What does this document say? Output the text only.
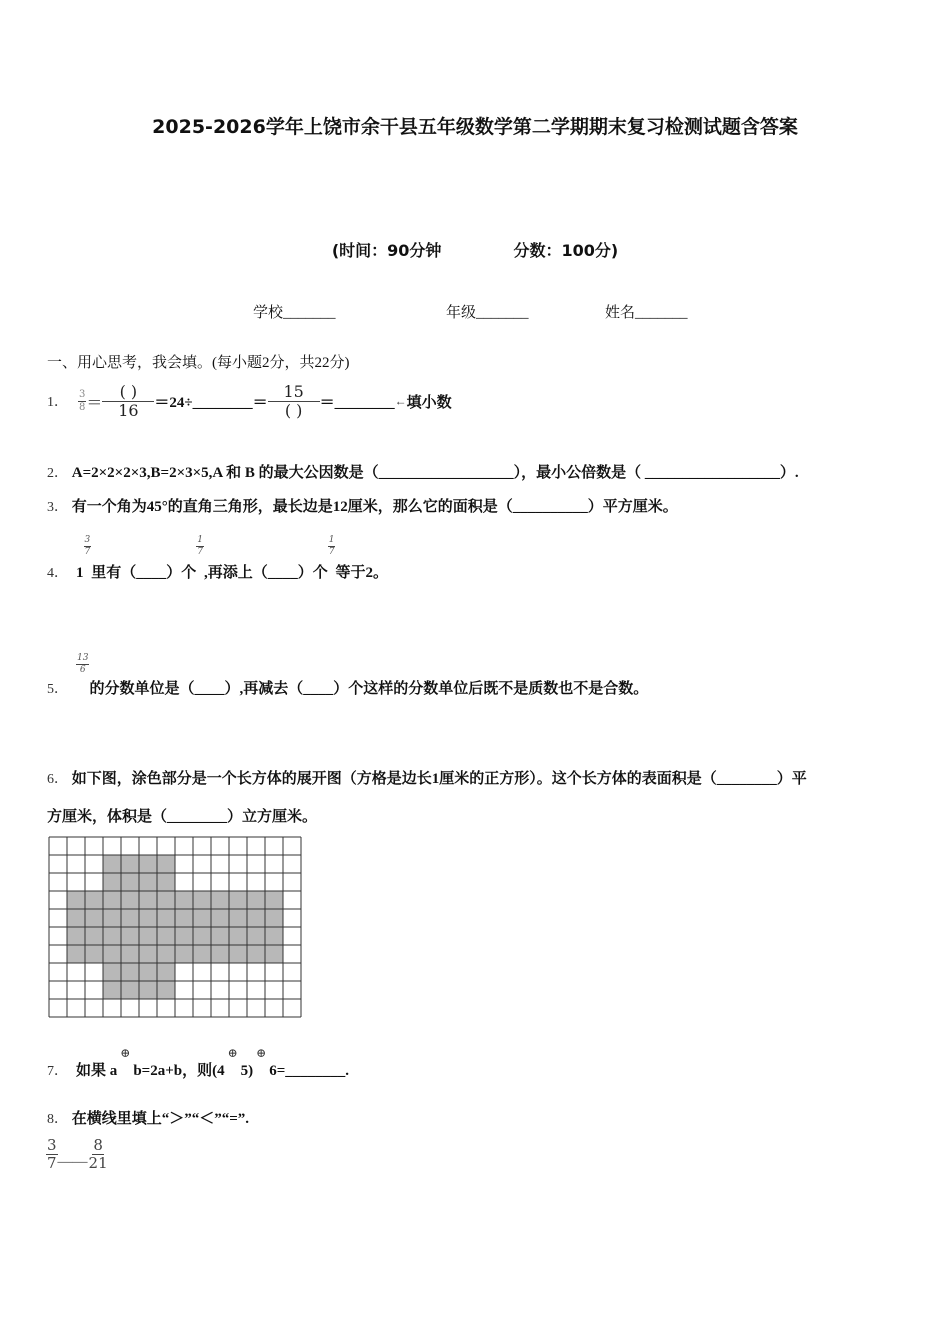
2025-2026学年上饶市余干县五年级数学第二学期期末复习检测试题含答案
(时间：90分钟	分数：100分)
学校_______	年级_______	姓名_______
一、用心思考，我会填。(每小题2分，共22分)
1． $\frac{3}{8} = \frac{( )}{16}$ ＝24÷________＝ $\frac{15}{( )}$ ＝________ ← 填小数
2． A=2×2×2×3,B=2×3×5,A 和 B 的最大公因数是（__________________），最小公倍数是（ __________________）.
3． 有一个角为45°的直角三角形，最长边是12厘米，那么它的面积是（__________）平方厘米。
4． 1
$\frac{3}{7}$
里有（____）个
$\frac{1}{7}$
,再添上（____）个
$\frac{1}{7}$
等于2。
5．
$\frac{13}{6}$
的分数单位是（____）,再减去（____）个这样的分数单位后既不是质数也不是合数。
6． 如下图，涂色部分是一个长方体的展开图（方格是边长1厘米的正方形）。这个长方体的表面积是（________）平
方厘米，体积是（________）立方厘米。
7． 如果 a
⊕
b=2a+b，则(4
⊕
5)
⊕
6=________.
8． 在横线里填上“＞”“＜”“=”.
$\frac{3}{7}$ —— $\frac{8}{21}$
